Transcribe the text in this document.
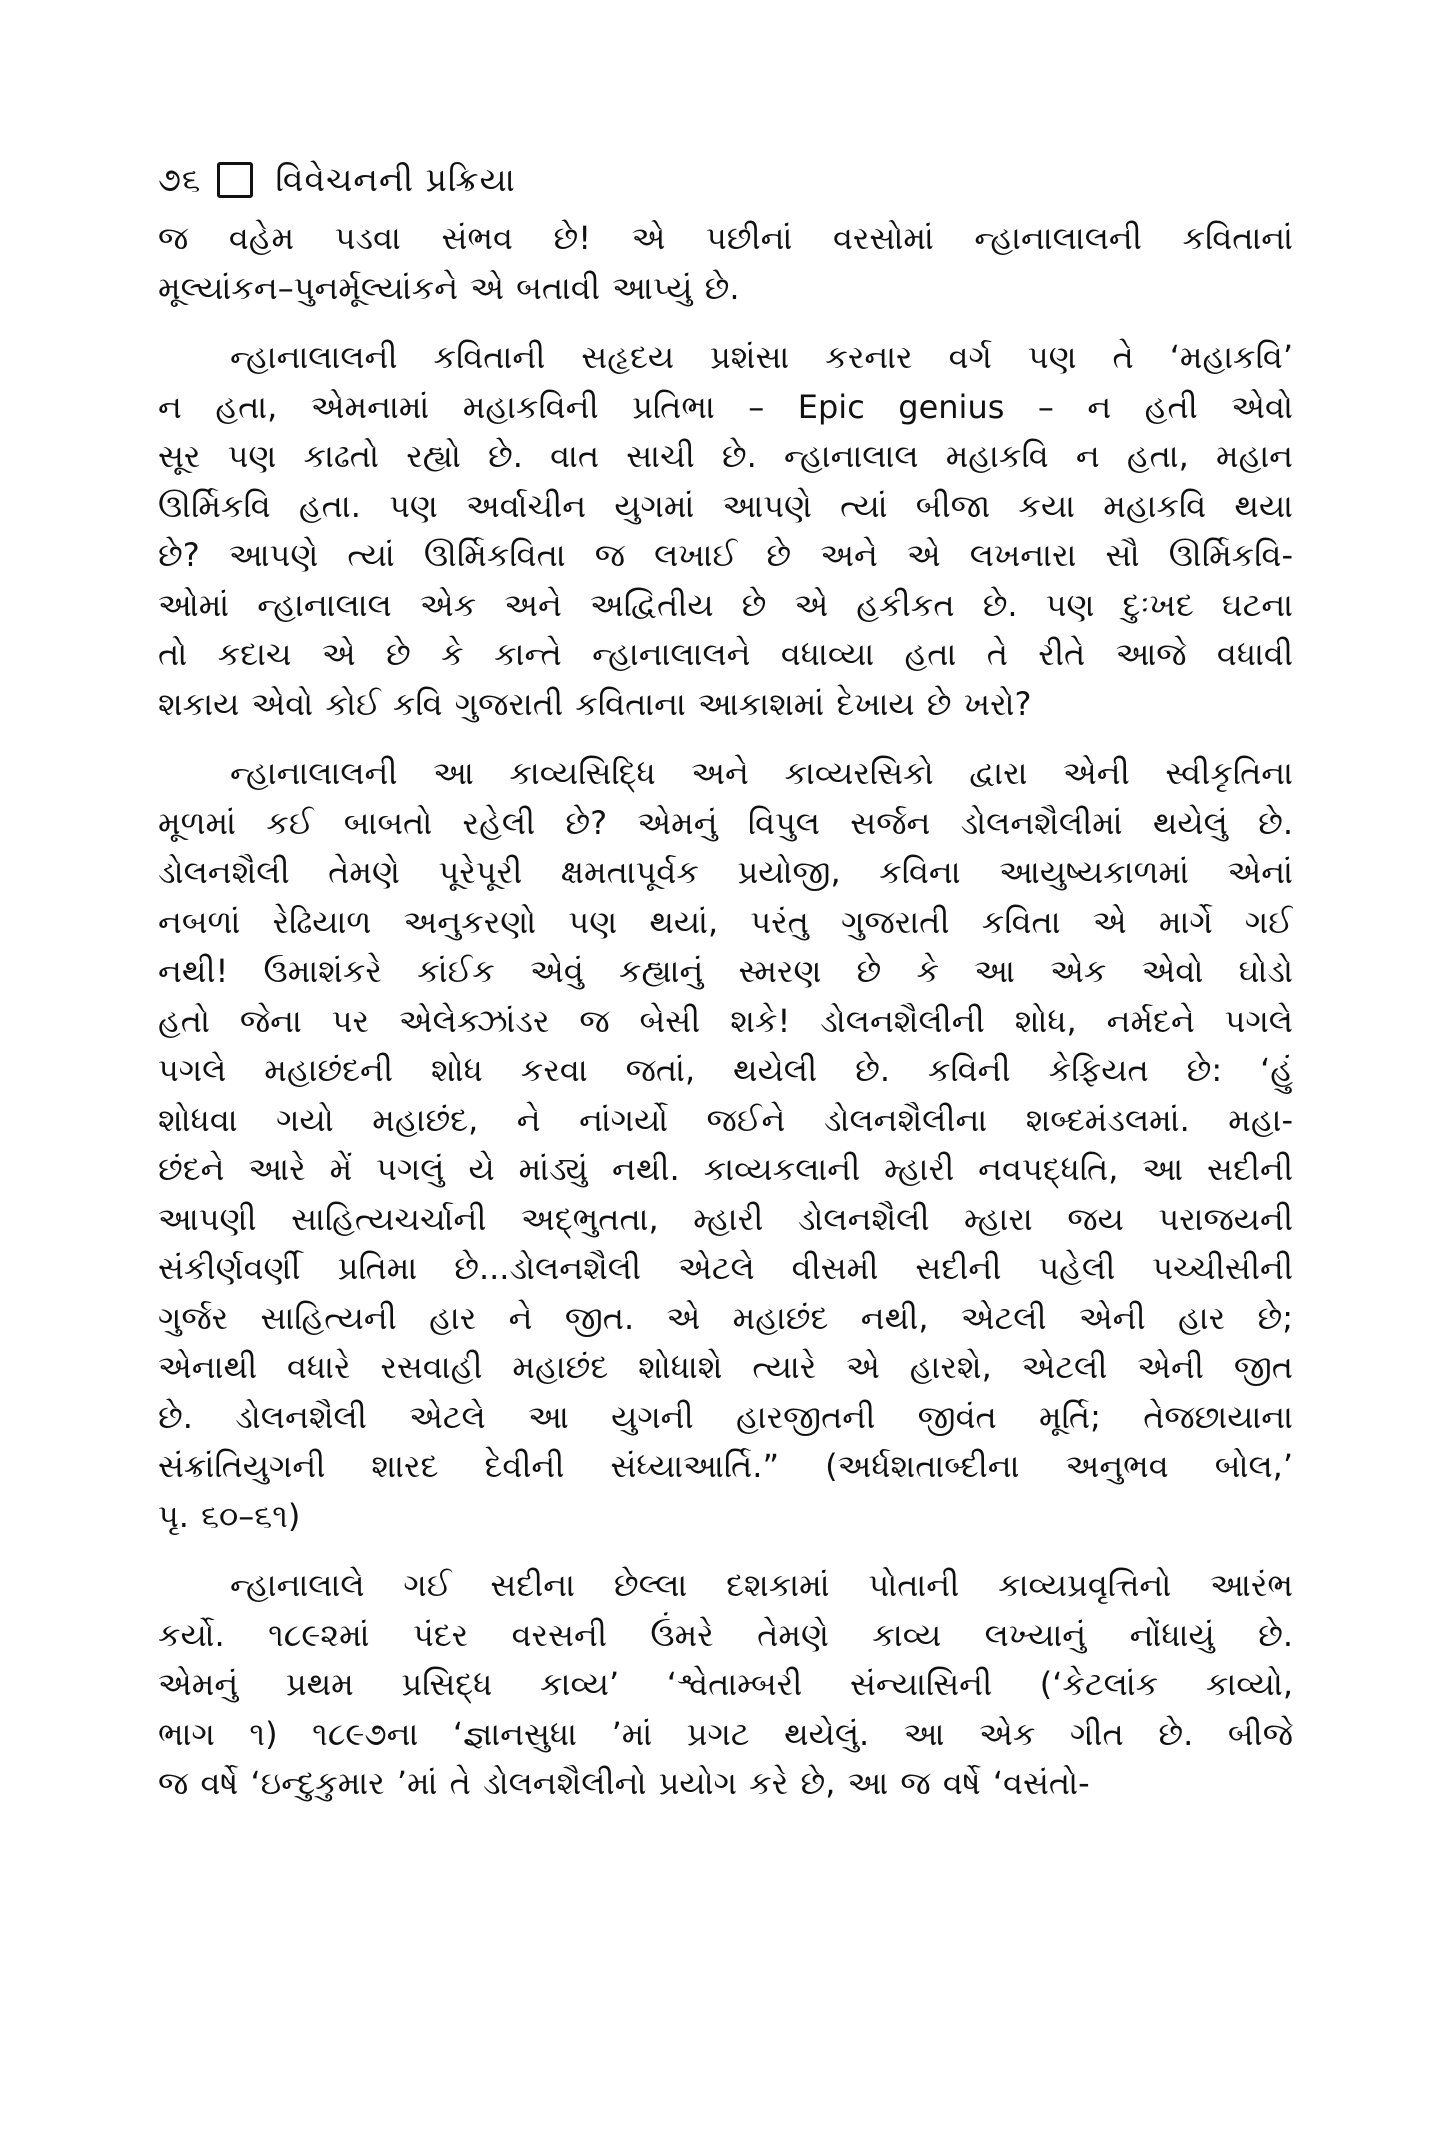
૭૬ વિવેચનની પ્રક્રિયા

જ વહેમ પડવા સંભવ છે! એ પછીનાં વરસોમાં ન્હાનાલાલની કવિતાનાં
મૂલ્યાંકન–પુનર્મૂલ્યાંકને એ બતાવી આપ્યું છે.

ન્હાનાલાલની કવિતાની સહૃદય પ્રશંસા કરનાર વર્ગ પણ તે ‘મહાકવિ’
ન હતા, એમનામાં મહાકવિની પ્રતિભા – Epic genius – ન હતી એવો
સૂર પણ કાઢતો રહ્યો છે. વાત સાચી છે. ન્હાનાલાલ મહાકવિ ન હતા, મહાન
ઊર્મિકવિ હતા. પણ અર્વાચીન યુગમાં આપણે ત્યાં બીજા કયા મહાકવિ થયા
છે? આપણે ત્યાં ઊર્મિકવિતા જ લખાઈ છે અને એ લખનારા સૌ ઊર્મિકવિ-
ઓમાં ન્હાનાલાલ એક અને અદ્વિતીય છે એ હકીકત છે. પણ દુઃખદ ઘટના
તો કદાચ એ છે કે કાન્તે ન્હાનાલાલને વધાવ્યા હતા તે રીતે આજે વધાવી
શકાય એવો કોઈ કવિ ગુજરાતી કવિતાના આકાશમાં દેખાય છે ખરો?

ન્હાનાલાલની આ કાવ્યસિદ્ધિ અને કાવ્યરસિકો દ્વારા એની સ્વીકૃતિના
મૂળમાં કઈ બાબતો રહેલી છે? એમનું વિપુલ સર્જન ડોલનશૈલીમાં થયેલું છે.
ડોલનશૈલી તેમણે પૂરેપૂરી ક્ષમતાપૂર્વક પ્રયોજી, કવિના આયુષ્યકાળમાં એનાં
નબળાં રેઢિયાળ અનુકરણો પણ થયાં, પરંતુ ગુજરાતી કવિતા એ માર્ગે ગઈ
નથી! ઉમાશંકરે કાંઈક એવું કહ્યાનું સ્મરણ છે કે આ એક એવો ઘોડો
હતો જેના પર એલેક્ઝાંડર જ બેસી શકે! ડોલનશૈલીની શોધ, નર્મદને પગલે
પગલે મહાછંદની શોધ કરવા જતાં, થયેલી છે. કવિની કેફિયત છે: ‘હું
શોધવા ગયો મહાછંદ, ને નાંગર્યો જઈને ડોલનશૈલીના શબ્દમંડલમાં. મહા-
છંદને આરે મેં પગલું યે માંડ્યું નથી. કાવ્યકલાની મ્હારી નવપદ્ધતિ, આ સદીની
આપણી સાહિત્યચર્ચાની અદ્ભુતતા, મ્હારી ડોલનશૈલી મ્હારા જય પરાજયની
સંકીર્ણવર્ણી પ્રતિમા છે...ડોલનશૈલી એટલે વીસમી સદીની પહેલી પચ્ચીસીની
ગુર્જર સાહિત્યની હાર ને જીત. એ મહાછંદ નથી, એટલી એની હાર છે;
એનાથી વધારે રસવાહી મહાછંદ શોધાશે ત્યારે એ હારશે, એટલી એની જીત
છે. ડોલનશૈલી એટલે આ યુગની હારજીતની જીવંત મૂર્તિ; તેજછાયાના
સંક્રાંતિયુગની શારદ દેવીની સંધ્યાઆર્તિ.” (અર્ધશતાબ્દીના અનુભવ બોલ,’
પૃ. ૬૦–૬૧)

ન્હાનાલાલે ગઈ સદીના છેલ્લા દશકામાં પોતાની કાવ્યપ્રવૃત્તિનો આરંભ
કર્યો. ૧૮૯૨માં પંદર વરસની ઉંમરે તેમણે કાવ્ય લખ્યાનું નોંધાયું છે.
એમનું પ્રથમ પ્રસિદ્ધ કાવ્ય’ ‘શ્વેતામ્બરી સંન્યાસિની (‘કેટલાંક કાવ્યો,
ભાગ ૧) ૧૮૯૭ના ‘જ્ઞાનસુધા ’માં પ્રગટ થયેલું. આ એક ગીત છે. બીજે
જ વર્ષે ‘ઇન્દુકુમાર ’માં તે ડોલનશૈલીનો પ્રયોગ કરે છે, આ જ વર્ષે ‘વસંતો-
